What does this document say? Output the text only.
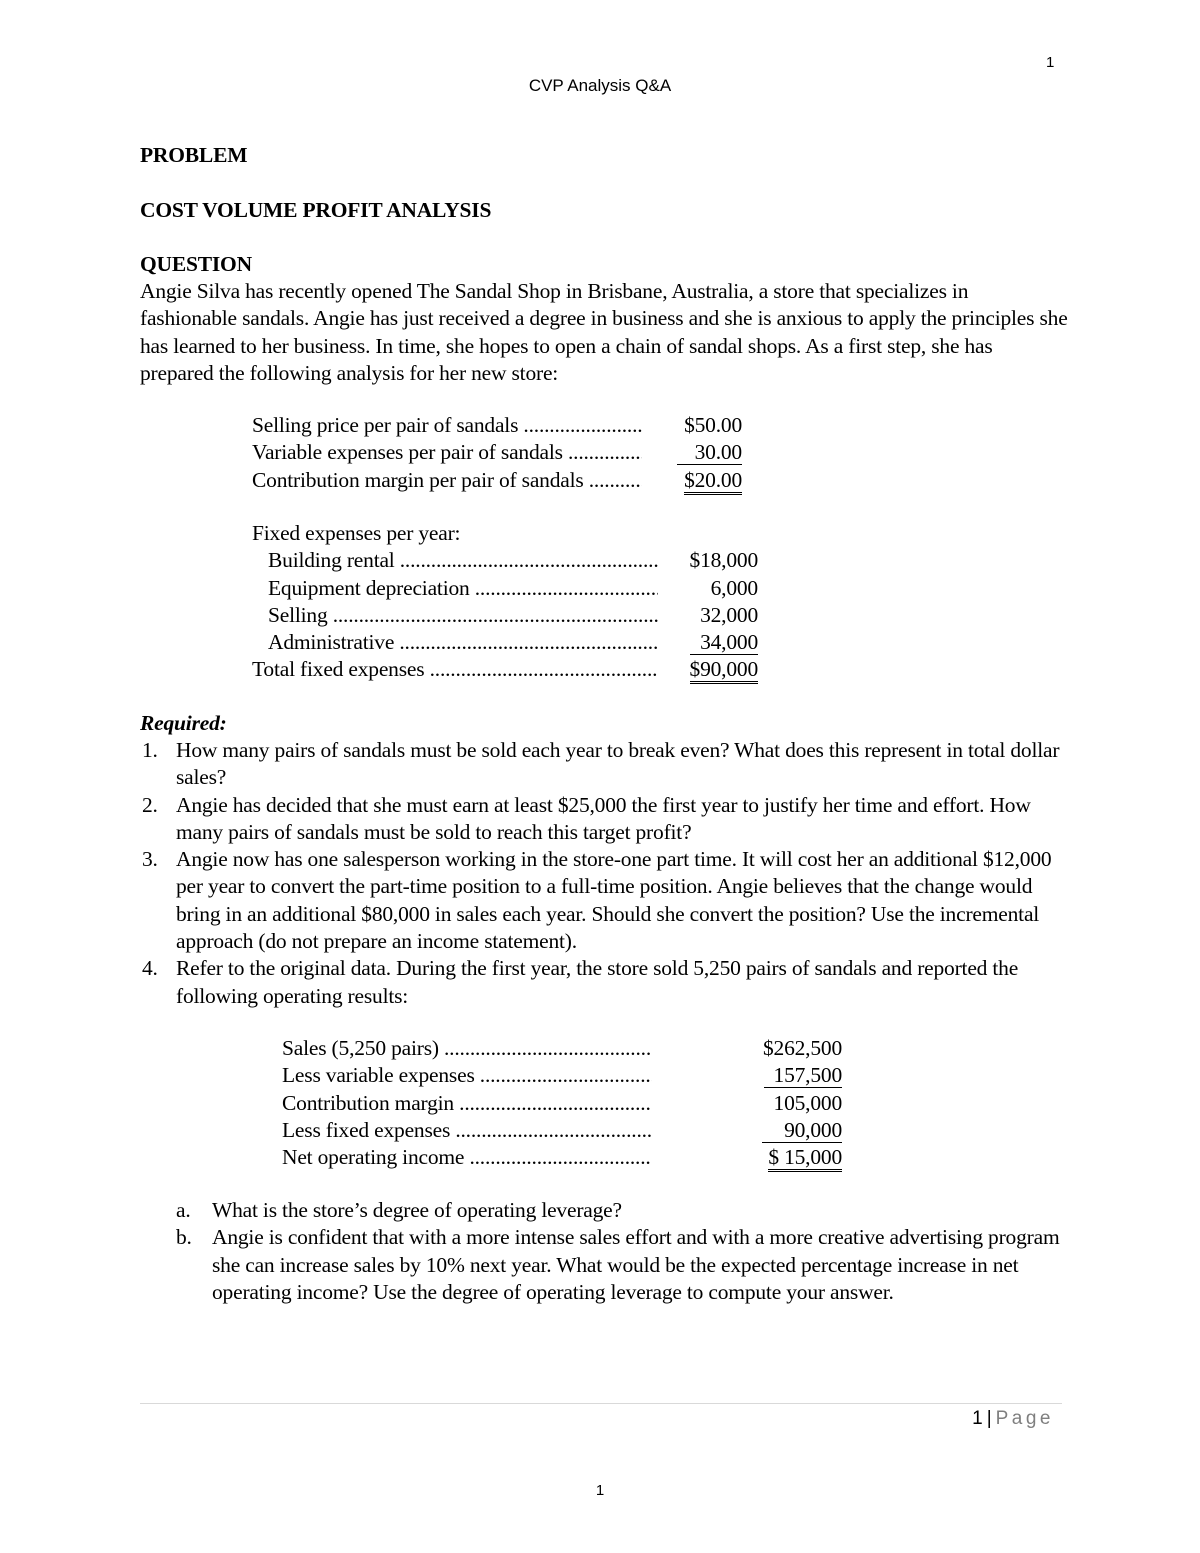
1
CVP Analysis Q&A
PROBLEM
COST VOLUME PROFIT ANALYSIS
QUESTION

Angie Silva has recently opened The Sandal Shop in Brisbane, Australia, a store that specializes in fashionable sandals. Angie has just received a degree in business and she is anxious to apply the principles she has learned to her business. In time, she hopes to open a chain of sandal shops. As a first step, she has prepared the following analysis for her new store:

Selling price per pair of sandals .....	$50.00
Variable expenses per pair of sandals .....	30.00
Contribution margin per pair of sandals .....	$20.00
Fixed expenses per year:	
Building rental .....	$18,000
Equipment depreciation .....	6,000
Selling .....	32,000
Administrative .....	34,000
Total fixed expenses .....	$90,000
Required:
1. How many pairs of sandals must be sold each year to break even? What does this represent in total dollar sales?
2. Angie has decided that she must earn at least $25,000 the first year to justify her time and effort. How many pairs of sandals must be sold to reach this target profit?
3. Angie now has one salesperson working in the store-one part time. It will cost her an additional $12,000 per year to convert the part-time position to a full-time position. Angie believes that the change would bring in an additional $80,000 in sales each year. Should she convert the position? Use the incremental approach (do not prepare an income statement).
4. Refer to the original data. During the first year, the store sold 5,250 pairs of sandals and reported the following operating results:
Sales (5,250 pairs) .....	$262,500
Less variable expenses .....	157,500
Contribution margin .....	105,000
Less fixed expenses .....	90,000
Net operating income .....	$ 15,000
a. What is the store’s degree of operating leverage?
b. Angie is confident that with a more intense sales effort and with a more creative advertising program she can increase sales by 10% next year. What would be the expected percentage increase in net operating income? Use the degree of operating leverage to compute your answer.
1 | Page
1
